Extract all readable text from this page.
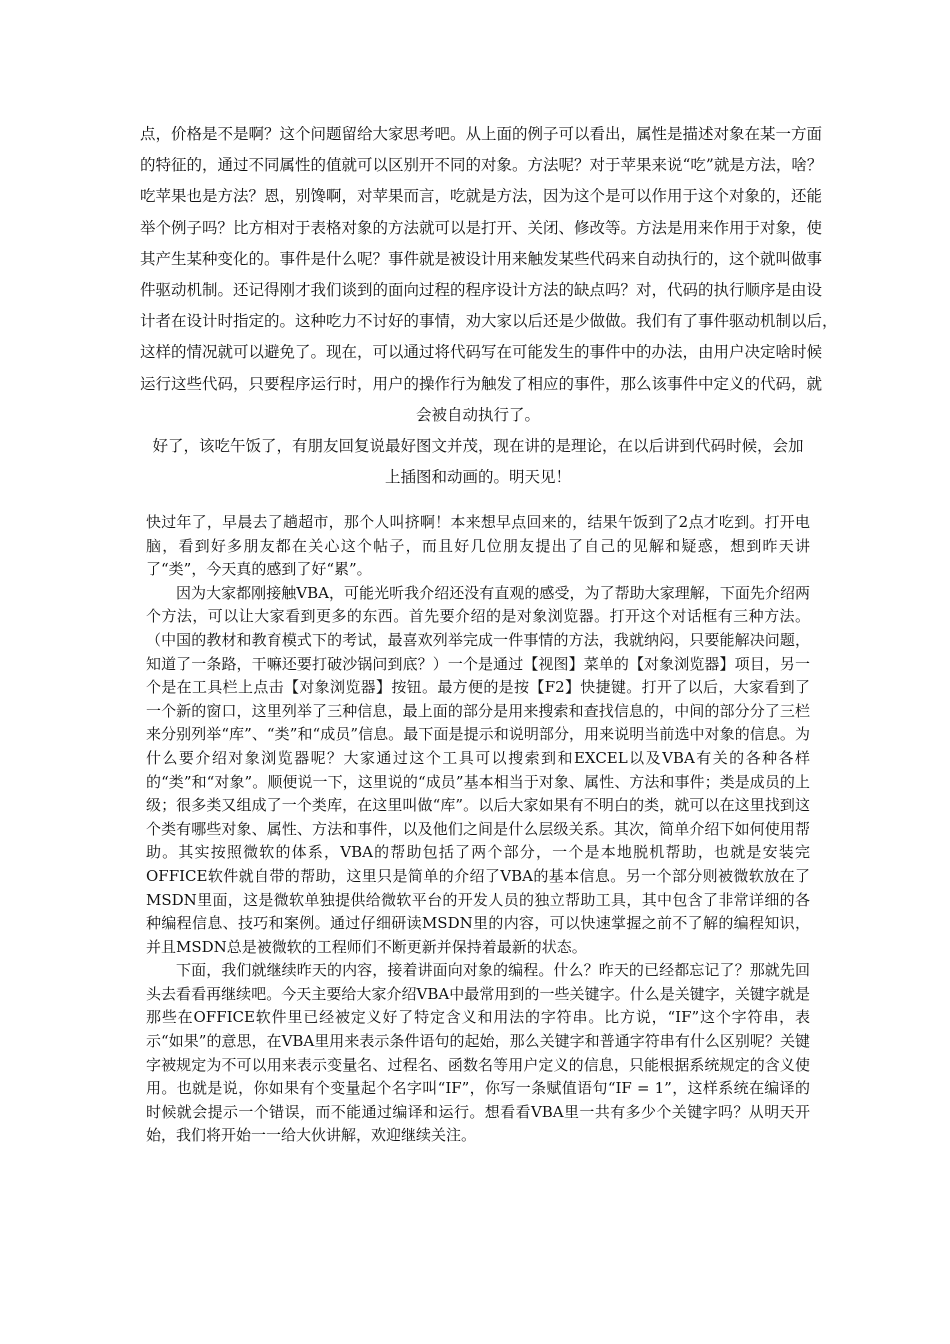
点，价格是不是啊？这个问题留给大家思考吧。从上面的例子可以看出，属性是描述对象在某一方面
的特征的，通过不同属性的值就可以区别开不同的对象。方法呢？对于苹果来说“吃”就是方法，啥？
吃苹果也是方法？恩，别馋啊，对苹果而言，吃就是方法，因为这个是可以作用于这个对象的，还能
举个例子吗？比方相对于表格对象的方法就可以是打开、关闭、修改等。方法是用来作用于对象，使
其产生某种变化的。事件是什么呢？事件就是被设计用来触发某些代码来自动执行的，这个就叫做事
件驱动机制。还记得刚才我们谈到的面向过程的程序设计方法的缺点吗？对，代码的执行顺序是由设
计者在设计时指定的。这种吃力不讨好的事情，劝大家以后还是少做做。我们有了事件驱动机制以后，
这样的情况就可以避免了。现在，可以通过将代码写在可能发生的事件中的办法，由用户决定啥时候
运行这些代码，只要程序运行时，用户的操作行为触发了相应的事件，那么该事件中定义的代码，就
会被自动执行了。

好了，该吃午饭了，有朋友回复说最好图文并茂，现在讲的是理论，在以后讲到代码时候，会加
上插图和动画的。明天见！

快过年了，早晨去了趟超市，那个人叫挤啊！本来想早点回来的，结果午饭到了2点才吃到。打开电脑，看到好多朋友都在关心这个帖子，而且好几位朋友提出了自己的见解和疑惑，想到昨天讲了“类”，今天真的感到了好“累”。

因为大家都刚接触VBA，可能光听我介绍还没有直观的感受，为了帮助大家理解，下面先介绍两个方法，可以让大家看到更多的东西。首先要介绍的是对象浏览器。打开这个对话框有三种方法。（中国的教材和教育模式下的考试，最喜欢列举完成一件事情的方法，我就纳闷，只要能解决问题，知道了一条路，干嘛还要打破沙锅问到底？）一个是通过【视图】菜单的【对象浏览器】项目，另一个是在工具栏上点击【对象浏览器】按钮。最方便的是按【F2】快捷键。打开了以后，大家看到了一个新的窗口，这里列举了三种信息，最上面的部分是用来搜索和查找信息的，中间的部分分了三栏来分别列举“库”、“类”和“成员”信息。最下面是提示和说明部分，用来说明当前选中对象的信息。为什么要介绍对象浏览器呢？大家通过这个工具可以搜索到和EXCEL以及VBA有关的各种各样的“类”和“对象”。顺便说一下，这里说的“成员”基本相当于对象、属性、方法和事件；类是成员的上级；很多类又组成了一个类库，在这里叫做“库”。以后大家如果有不明白的类，就可以在这里找到这个类有哪些对象、属性、方法和事件，以及他们之间是什么层级关系。其次，简单介绍下如何使用帮助。其实按照微软的体系，VBA的帮助包括了两个部分，一个是本地脱机帮助，也就是安装完OFFICE软件就自带的帮助，这里只是简单的介绍了VBA的基本信息。另一个部分则被微软放在了MSDN里面，这是微软单独提供给微软平台的开发人员的独立帮助工具，其中包含了非常详细的各种编程信息、技巧和案例。通过仔细研读MSDN里的内容，可以快速掌握之前不了解的编程知识，并且MSDN总是被微软的工程师们不断更新并保持着最新的状态。

下面，我们就继续昨天的内容，接着讲面向对象的编程。什么？昨天的已经都忘记了？那就先回头去看看再继续吧。今天主要给大家介绍VBA中最常用到的一些关键字。什么是关键字，关键字就是那些在OFFICE软件里已经被定义好了特定含义和用法的字符串。比方说，“IF”这个字符串，表示“如果”的意思，在VBA里用来表示条件语句的起始，那么关键字和普通字符串有什么区别呢？关键字被规定为不可以用来表示变量名、过程名、函数名等用户定义的信息，只能根据系统规定的含义使用。也就是说，你如果有个变量起个名字叫“IF”，你写一条赋值语句“IF = 1”，这样系统在编译的时候就会提示一个错误，而不能通过编译和运行。想看看VBA里一共有多少个关键字吗？从明天开始，我们将开始一一给大伙讲解，欢迎继续关注。
